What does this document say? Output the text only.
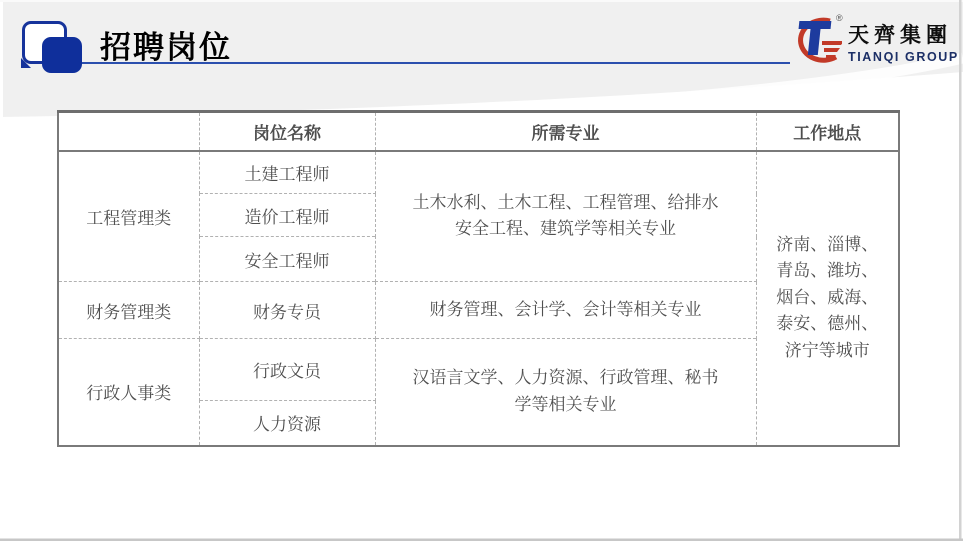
招聘岗位
®
天齊集團
TIANQI GROUP
	岗位名称	所需专业	工作地点
工程管理类	土建工程师	土木水利、土木工程、工程管理、给排水安全工程、建筑学等相关专业	济南、淄博、青岛、潍坊、烟台、威海、泰安、德州、济宁等城市
	造价工程师		
	安全工程师		
财务管理类	财务专员	财务管理、会计学、会计等相关专业	
行政人事类	行政文员	汉语言文学、人力资源、行政管理、秘书学等相关专业	
	人力资源		
